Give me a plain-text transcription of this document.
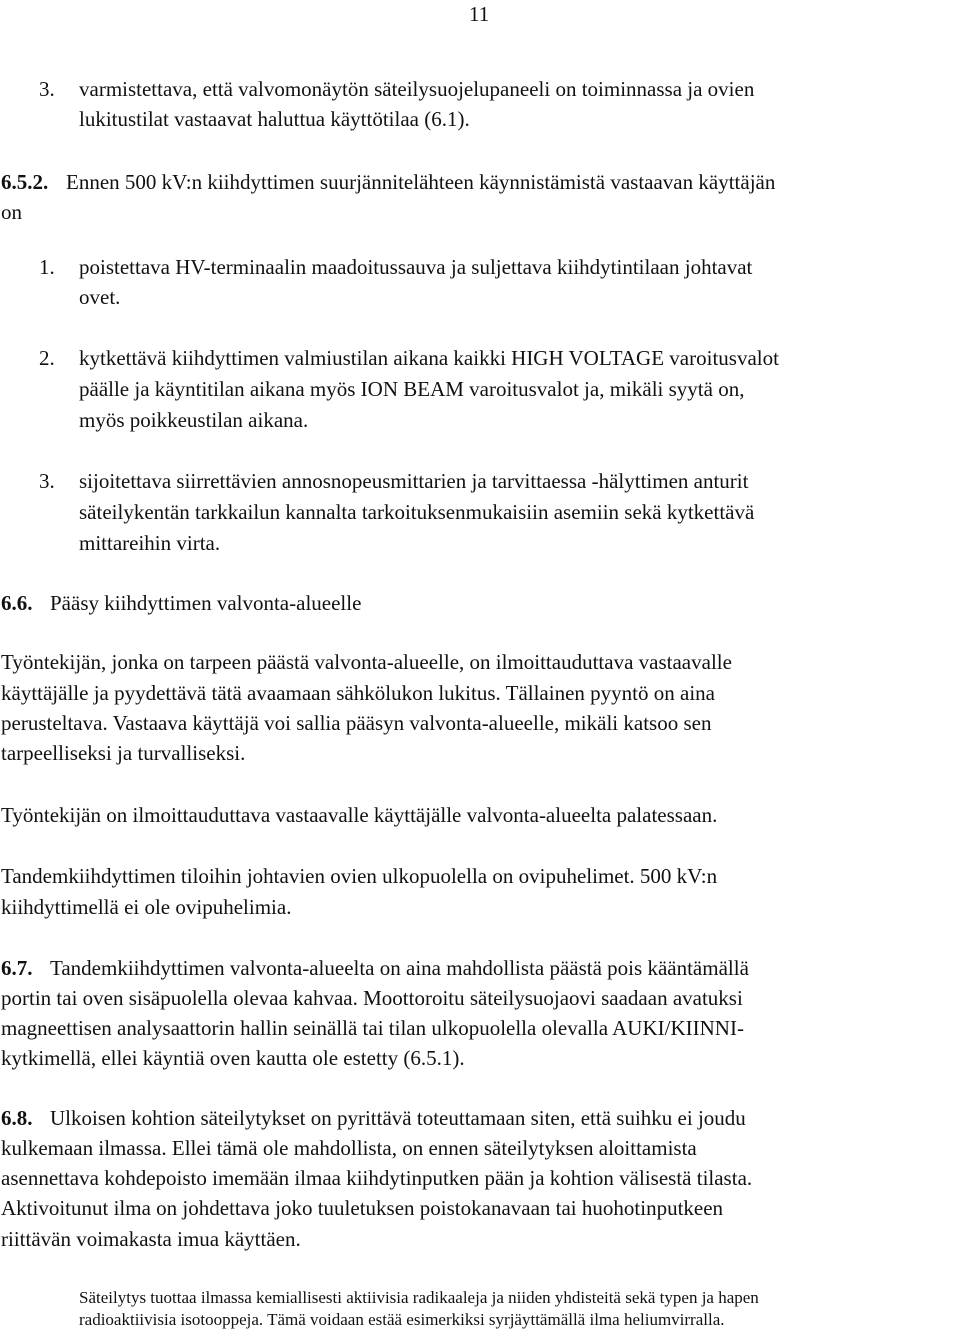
11
3. varmistettava, että valvomonäytön säteilysuojelupaneeli on toiminnassa ja ovien
lukitustilat vastaavat haluttua käyttötilaa (6.1).
6.5.2. Ennen 500 kV:n kiihdyttimen suurjännitelähteen käynnistämistä vastaavan käyttäjän
on
1. poistettava HV-terminaalin maadoitussauva ja suljettava kiihdytintilaan johtavat
ovet.
2. kytkettävä kiihdyttimen valmiustilan aikana kaikki HIGH VOLTAGE varoitusvalot
päälle ja käyntitilan aikana myös ION BEAM varoitusvalot ja, mikäli syytä on,
myös poikkeustilan aikana.
3. sijoitettava siirrettävien annosnopeusmittarien ja tarvittaessa -hälyttimen anturit
säteilykentän tarkkailun kannalta tarkoituksenmukaisiin asemiin sekä kytkettävä
mittareihin virta.
6.6. Pääsy kiihdyttimen valvonta-alueelle
Työntekijän, jonka on tarpeen päästä valvonta-alueelle, on ilmoittauduttava vastaavalle
käyttäjälle ja pyydettävä tätä avaamaan sähkölukon lukitus. Tällainen pyyntö on aina
perusteltava. Vastaava käyttäjä voi sallia pääsyn valvonta-alueelle, mikäli katsoo sen
tarpeelliseksi ja turvalliseksi.
Työntekijän on ilmoittauduttava vastaavalle käyttäjälle valvonta-alueelta palatessaan.
Tandemkiihdyttimen tiloihin johtavien ovien ulkopuolella on ovipuhelimet. 500 kV:n
kiihdyttimellä ei ole ovipuhelimia.
6.7. Tandemkiihdyttimen valvonta-alueelta on aina mahdollista päästä pois kääntämällä
portin tai oven sisäpuolella olevaa kahvaa. Moottoroitu säteilysuojaovi saadaan avatuksi
magneettisen analysaattorin hallin seinällä tai tilan ulkopuolella olevalla AUKI/KIINNI-
kytkimellä, ellei käyntiä oven kautta ole estetty (6.5.1).
6.8. Ulkoisen kohtion säteilytykset on pyrittävä toteuttamaan siten, että suihku ei joudu
kulkemaan ilmassa. Ellei tämä ole mahdollista, on ennen säteilytyksen aloittamista
asennettava kohdepoisto imemään ilmaa kiihdytinputken pään ja kohtion välisestä tilasta.
Aktivoitunut ilma on johdettava joko tuuletuksen poistokanavaan tai huohotinputkeen
riittävän voimakasta imua käyttäen.
Säteilytys tuottaa ilmassa kemiallisesti aktiivisia radikaaleja ja niiden yhdisteitä sekä typen ja hapen
radioaktiivisia isotooppeja. Tämä voidaan estää esimerkiksi syrjäyttämällä ilma heliumvirralla.
